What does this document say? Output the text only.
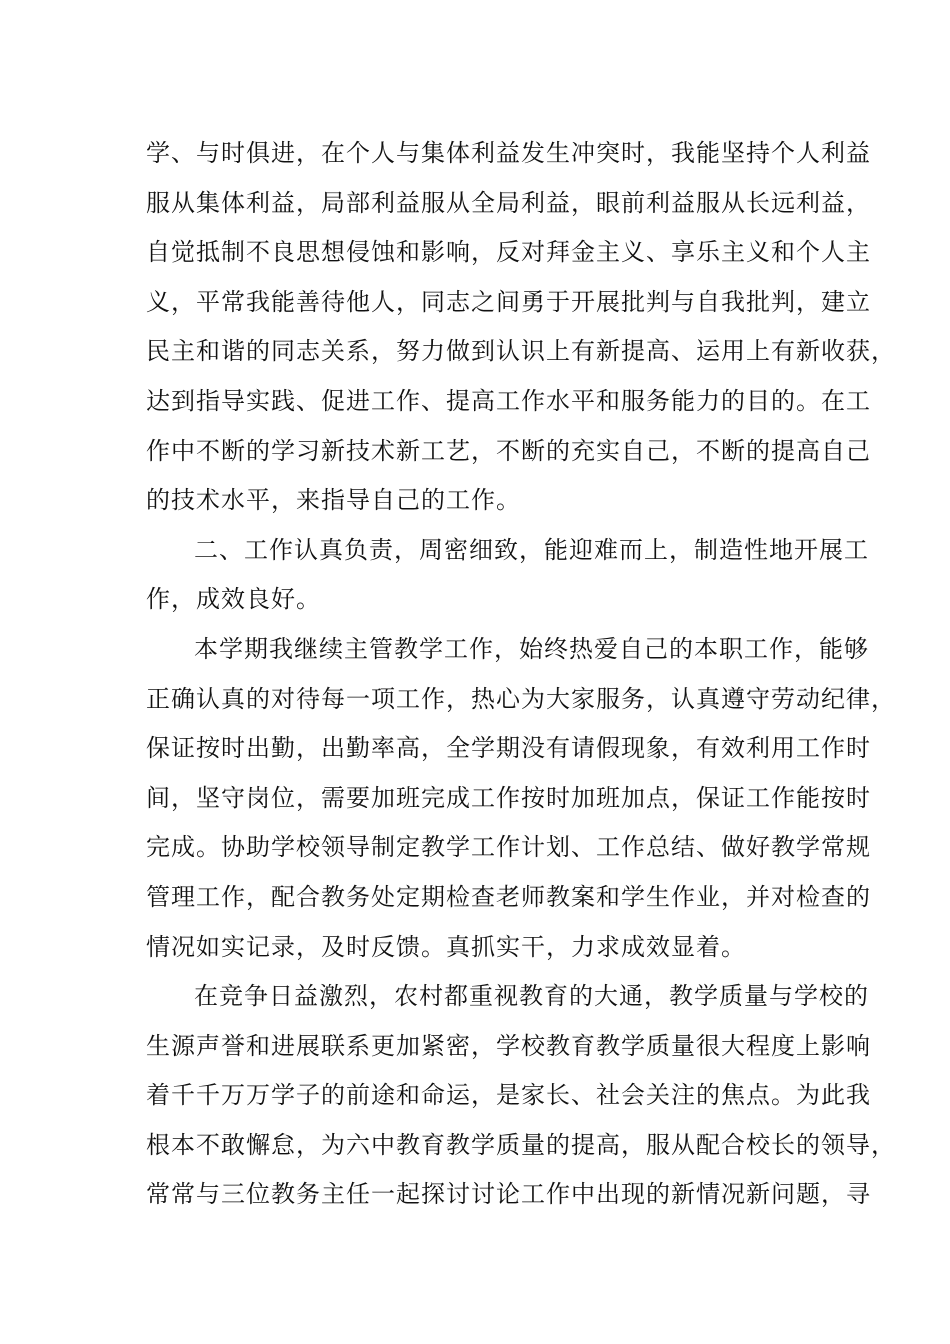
学、与时俱进，在个人与集体利益发生冲突时，我能坚持个人利益
服从集体利益，局部利益服从全局利益，眼前利益服从长远利益，
自觉抵制不良思想侵蚀和影响，反对拜金主义、享乐主义和个人主
义，平常我能善待他人，同志之间勇于开展批判与自我批判，建立
民主和谐的同志关系，努力做到认识上有新提高、运用上有新收获，
达到指导实践、促进工作、提高工作水平和服务能力的目的。在工
作中不断的学习新技术新工艺，不断的充实自己，不断的提高自己
的技术水平，来指导自己的工作。
二、工作认真负责，周密细致，能迎难而上，制造性地开展工
作，成效良好。
本学期我继续主管教学工作，始终热爱自己的本职工作，能够
正确认真的对待每一项工作，热心为大家服务，认真遵守劳动纪律，
保证按时出勤，出勤率高，全学期没有请假现象，有效利用工作时
间，坚守岗位，需要加班完成工作按时加班加点，保证工作能按时
完成。协助学校领导制定教学工作计划、工作总结、做好教学常规
管理工作，配合教务处定期检查老师教案和学生作业，并对检查的
情况如实记录，及时反馈。真抓实干，力求成效显着。
在竞争日益激烈，农村都重视教育的大通，教学质量与学校的
生源声誉和进展联系更加紧密，学校教育教学质量很大程度上影响
着千千万万学子的前途和命运，是家长、社会关注的焦点。为此我
根本不敢懈怠，为六中教育教学质量的提高，服从配合校长的领导，
常常与三位教务主任一起探讨讨论工作中出现的新情况新问题，寻
